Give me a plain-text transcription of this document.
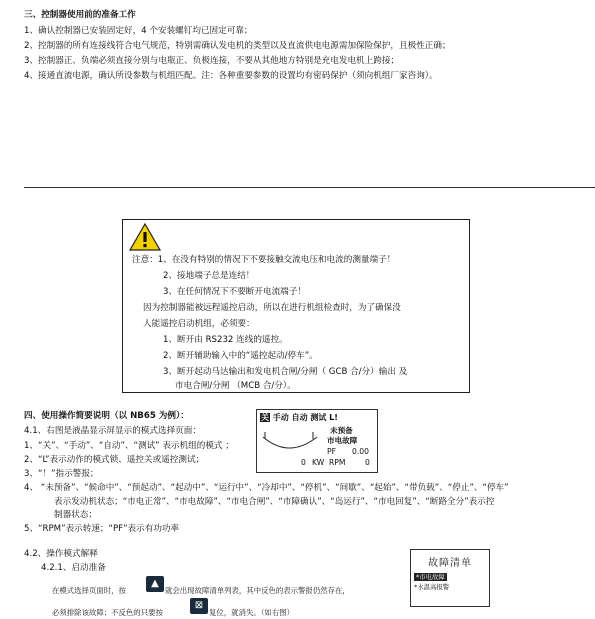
三、控制器使用前的准备工作
1、确认控制器已安装固定好，4 个安装螺钉均已固定可靠；
2、控制器的所有连接线符合电气规范，特别需确认发电机的类型以及直流供电电源需加保险保护，且极性正确；
3、控制器正、负端必须直接分别与电瓶正、负极连接，不要从其他地方特别是充电发电机上跨接；
4、接通直流电源，确认所设参数与机组匹配。注：各种重要参数的设置均有密码保护（须向机组厂家咨询）。
注意：1、在没有特别的情况下不要接触交流电压和电流的测量端子！
2、接地端子总是连结！
3、在任何情况下不要断开电流端子！
因为控制器能被远程遥控启动，所以在进行机组检查时，为了确保没
人能遥控启动机组，必须要：
1、断开由 RS232 连线的遥控。
2、断开辅助输入中的“遥控起动/停车”。
3、断开起动马达输出和发电机合闸/分闸（ GCB 合/分）输出 及
市电合闸/分闸 （MCB 合/分）。
四、使用操作简要说明（以 NB65 为例）：
4.1、右图是液晶显示屏显示的模式选择页面：
1、“关”、“手动”、“自动”、“测试” 表示机组的模式 ；
2、“L”表示动作的模式锁、遥控关或遥控测试；
3、“！”指示警报；
4、 “未预备”、“候命中”、“预起动”、“起动中”、“运行中”、“冷却中”、“停机”、“间歇”、“起始”、“带负载”、“停止”、“停车”
表示发动机状态；“市电正常”、“市电故障”、“市电合闸”、“市障确认”、“岛运行”、“市电回复”、“断路全分”表示控
制器状态；
5、“RPM”表示转速；“PF”表示有功功率
关 手动 自动 测试 L!
未预备
市电故障
PF 0.00
0 KW RPM	0
4.2、操作模式解释
4.2.1、启动准备
在模式选择页面时，按
▲
就会出现故障清单列表，其中反色的表示警报仍然存在，
必须排除该故障；不反色的只要按
⊠
复位，就消失。（如右图）
故障清单
*市电故障
*水温高报警
